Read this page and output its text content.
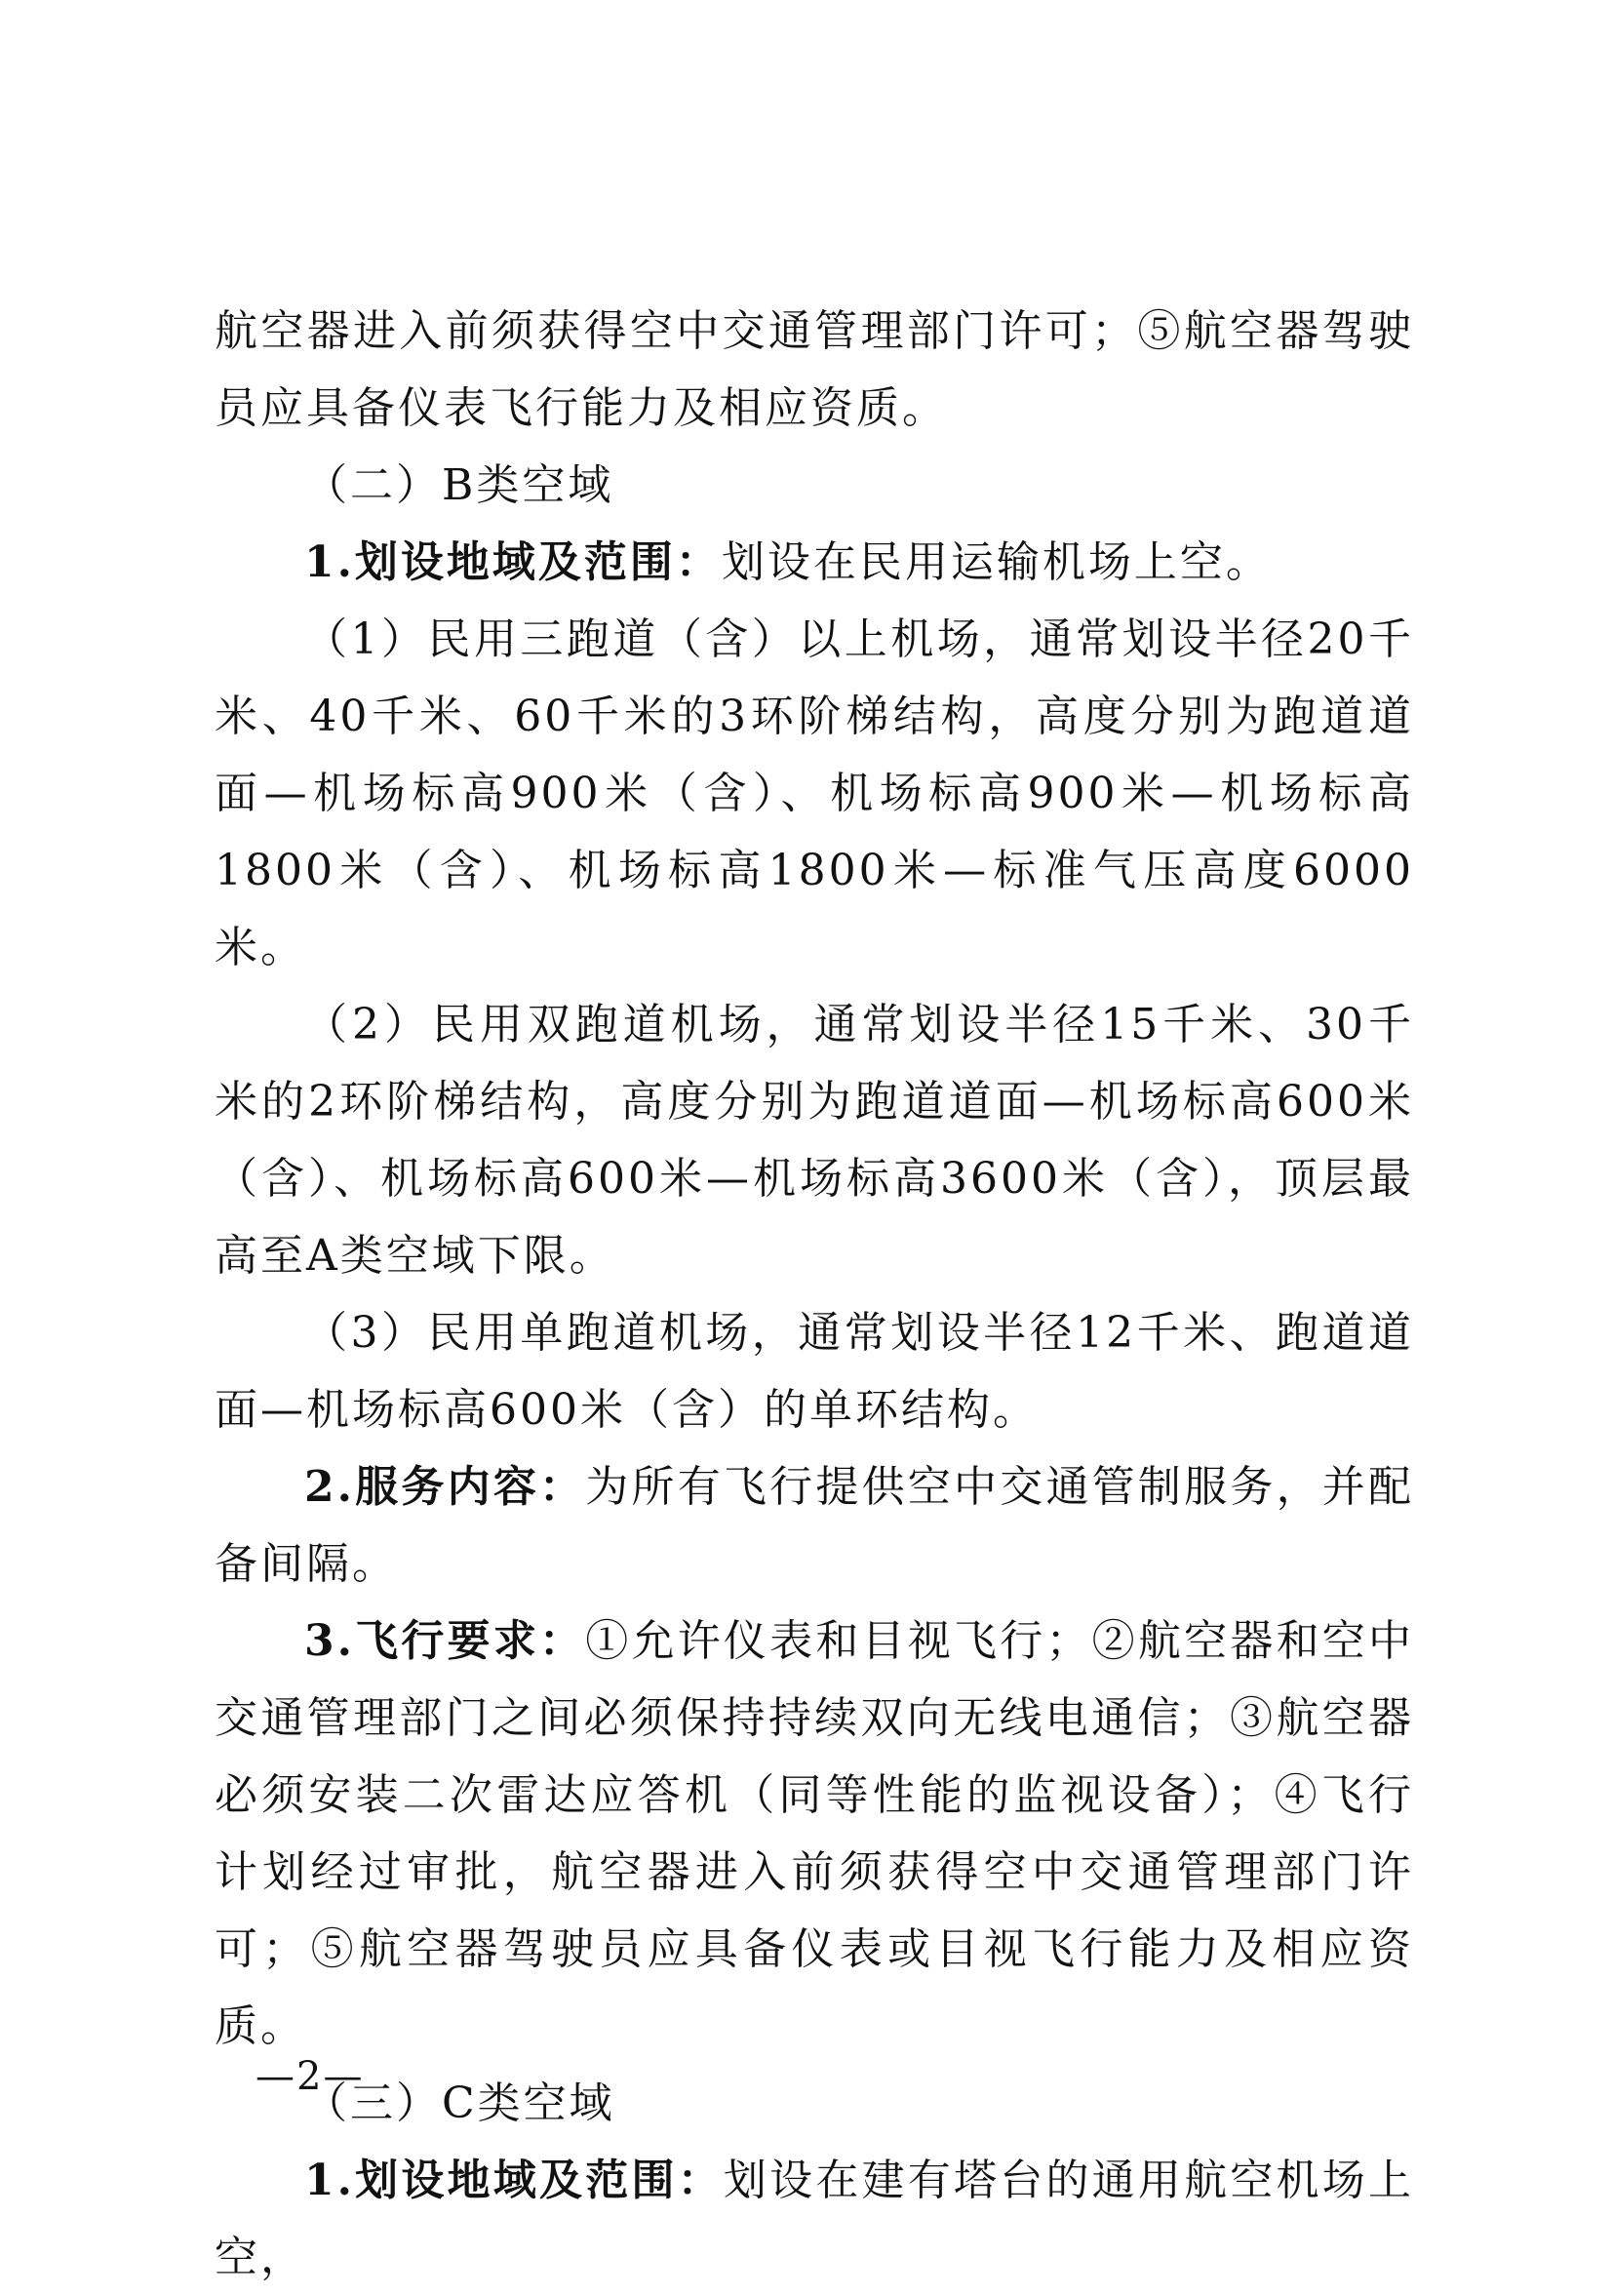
航空器进入前须获得空中交通管理部门许可；⑤航空器驾驶员应具备仪表飞行能力及相应资质。

（二）B类空域

1.划设地域及范围：划设在民用运输机场上空。

（1）民用三跑道（含）以上机场，通常划设半径20千米、40千米、60千米的3环阶梯结构，高度分别为跑道道面—机场标高900米（含）、机场标高900米—机场标高1800米（含）、机场标高1800米—标准气压高度6000米。

（2）民用双跑道机场，通常划设半径15千米、30千米的2环阶梯结构，高度分别为跑道道面—机场标高600米（含）、机场标高600米—机场标高3600米（含），顶层最高至A类空域下限。

（3）民用单跑道机场，通常划设半径12千米、跑道道面—机场标高600米（含）的单环结构。

2.服务内容：为所有飞行提供空中交通管制服务，并配备间隔。

3.飞行要求：①允许仪表和目视飞行；②航空器和空中交通管理部门之间必须保持持续双向无线电通信；③航空器必须安装二次雷达应答机（同等性能的监视设备）；④飞行计划经过审批，航空器进入前须获得空中交通管理部门许可；⑤航空器驾驶员应具备仪表或目视飞行能力及相应资质。

（三）C类空域

1.划设地域及范围：划设在建有塔台的通用航空机场上空，

—2—
